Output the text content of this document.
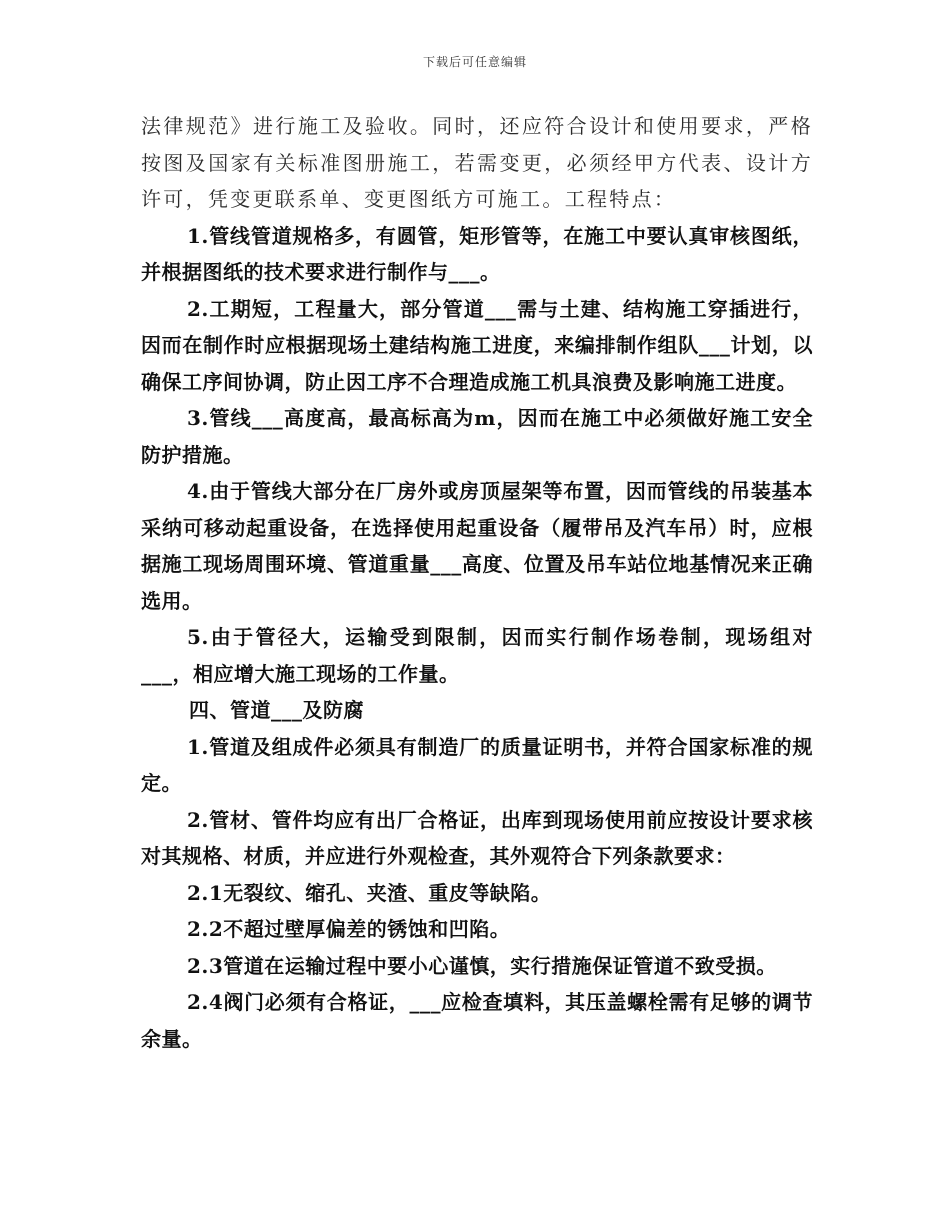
下载后可任意编辑

法律规范》进行施工及验收。同时，还应符合设计和使用要求，严格按图及国家有关标准图册施工，若需变更，必须经甲方代表、设计方许可，凭变更联系单、变更图纸方可施工。工程特点：

1.管线管道规格多，有圆管，矩形管等，在施工中要认真审核图纸，并根据图纸的技术要求进行制作与___。

2.工期短，工程量大，部分管道___需与土建、结构施工穿插进行，因而在制作时应根据现场土建结构施工进度，来编排制作组队___计划，以确保工序间协调，防止因工序不合理造成施工机具浪费及影响施工进度。

3.管线___高度高，最高标高为m，因而在施工中必须做好施工安全防护措施。

4.由于管线大部分在厂房外或房顶屋架等布置，因而管线的吊装基本采纳可移动起重设备，在选择使用起重设备（履带吊及汽车吊）时，应根据施工现场周围环境、管道重量___高度、位置及吊车站位地基情况来正确选用。

5.由于管径大，运输受到限制，因而实行制作场卷制，现场组对___，相应增大施工现场的工作量。

四、管道___及防腐

1.管道及组成件必须具有制造厂的质量证明书，并符合国家标准的规定。

2.管材、管件均应有出厂合格证，出库到现场使用前应按设计要求核对其规格、材质，并应进行外观检查，其外观符合下列条款要求：

2.1无裂纹、缩孔、夹渣、重皮等缺陷。

2.2不超过壁厚偏差的锈蚀和凹陷。

2.3管道在运输过程中要小心谨慎，实行措施保证管道不致受损。

2.4阀门必须有合格证，___应检查填料，其压盖螺栓需有足够的调节余量。
